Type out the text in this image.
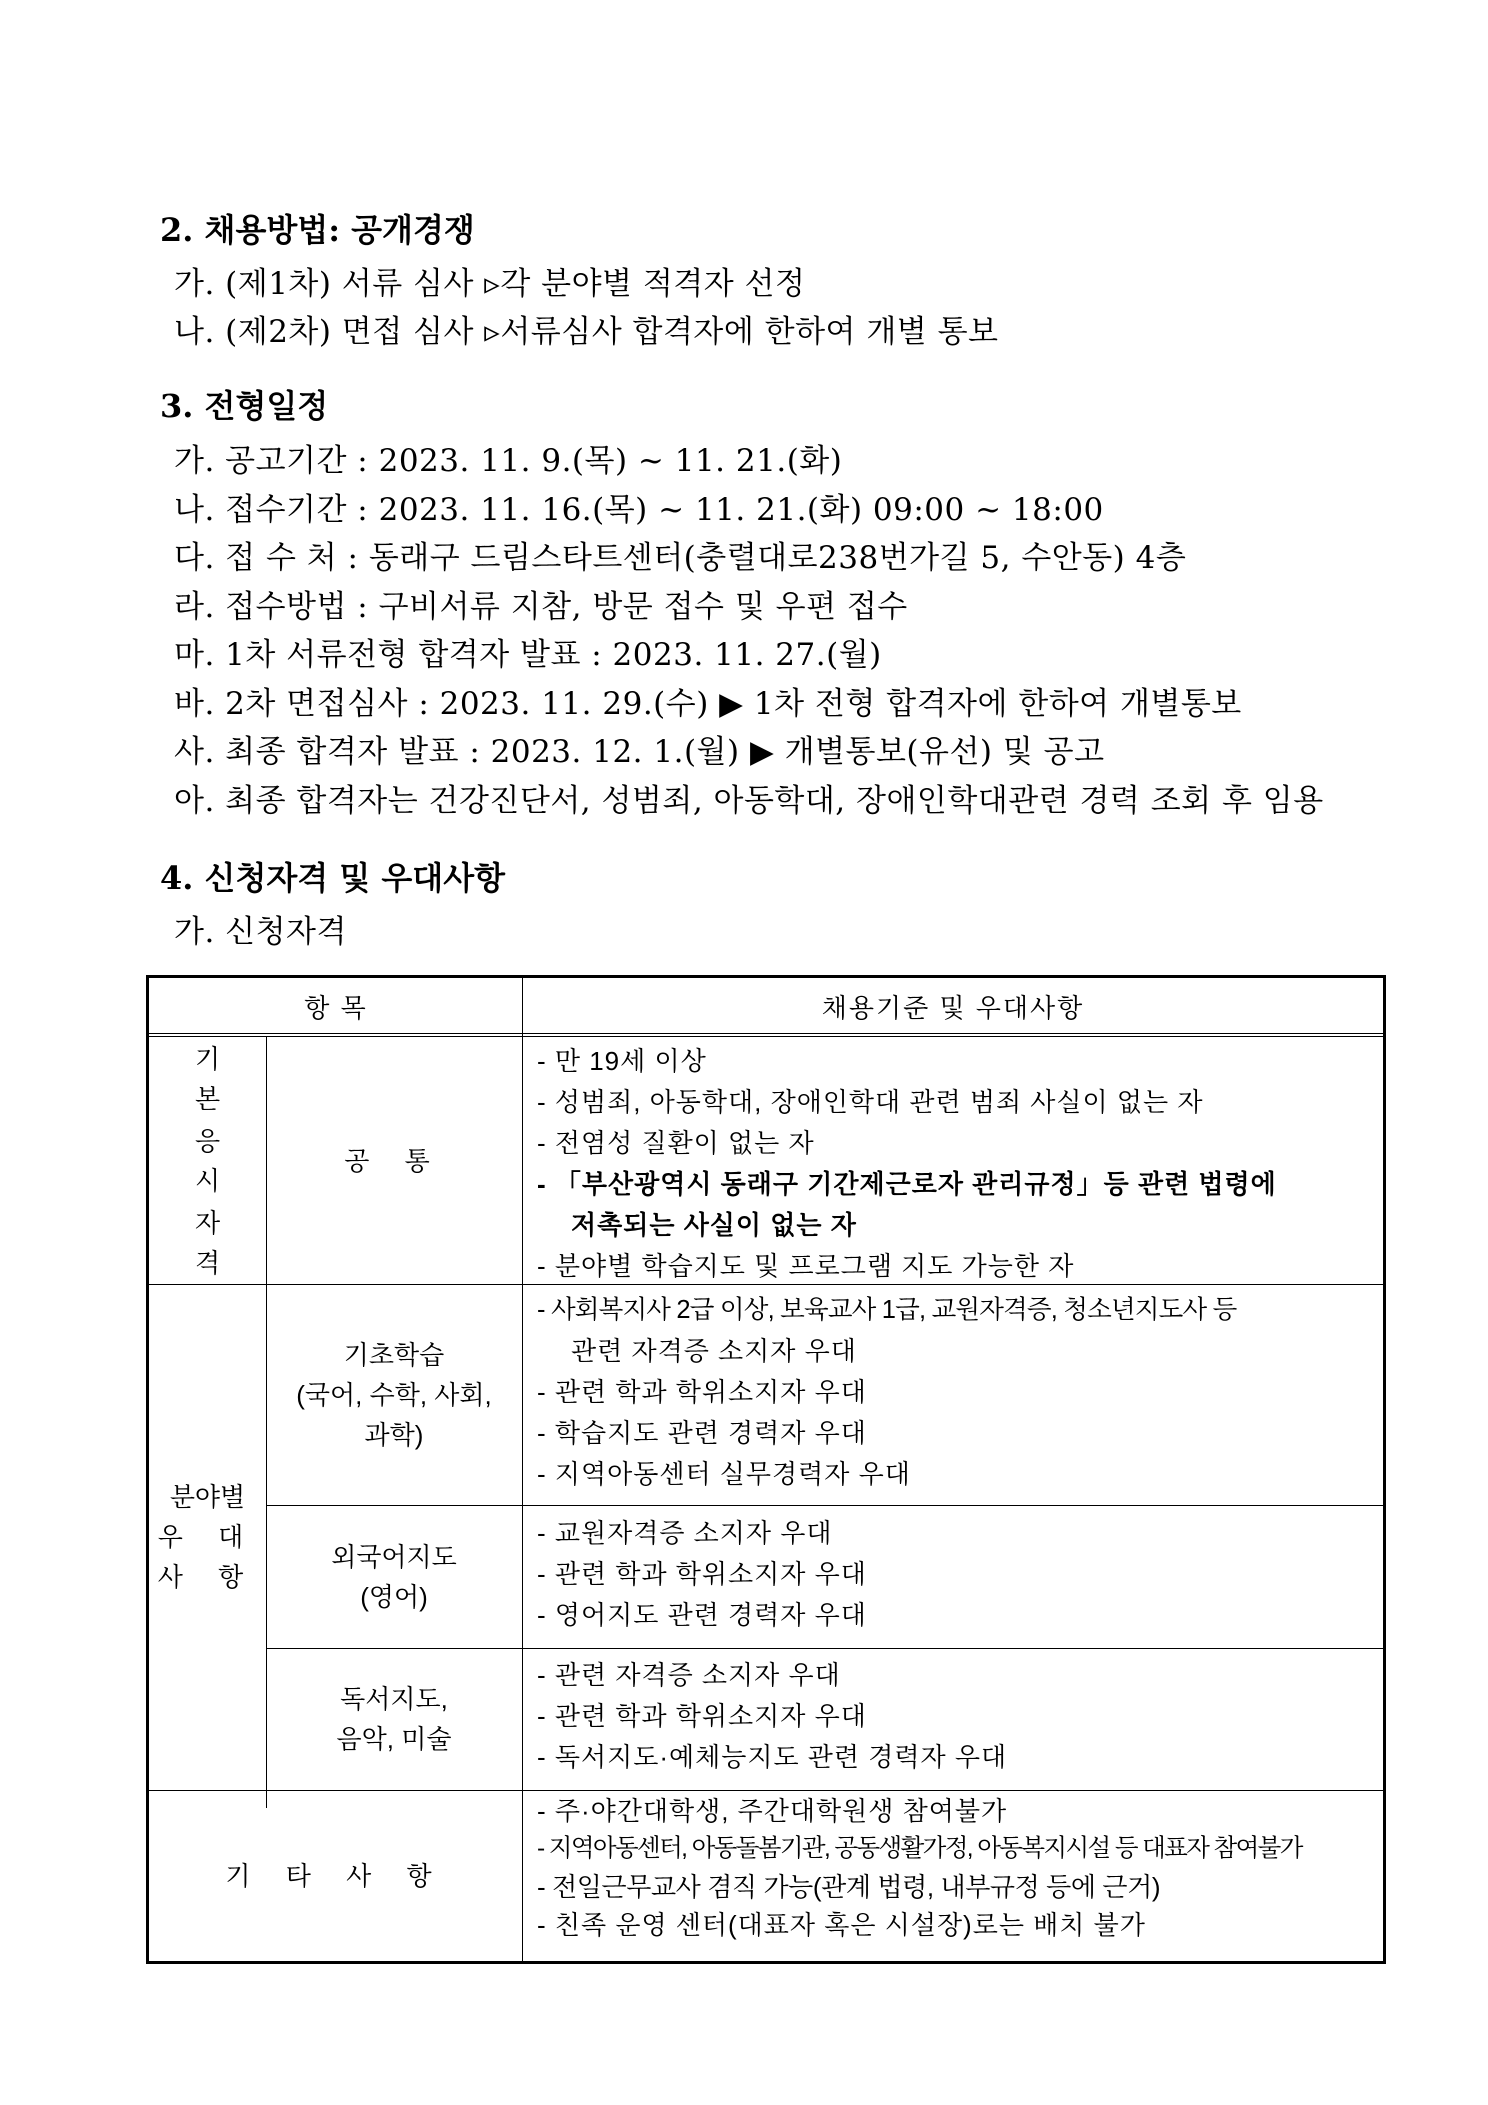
2. 채용방법: 공개경쟁
가. (제1차) 서류 심사 ▹각 분야별 적격자 선정
나. (제2차) 면접 심사 ▹서류심사 합격자에 한하여 개별 통보
3. 전형일정
가. 공고기간 : 2023. 11. 9.(목) ~ 11. 21.(화)
나. 접수기간 : 2023. 11. 16.(목) ~ 11. 21.(화) 09:00 ~ 18:00
다. 접 수 처 : 동래구 드림스타트센터(충렬대로238번가길 5, 수안동) 4층
라. 접수방법 : 구비서류 지참, 방문 접수 및 우편 접수
마. 1차 서류전형 합격자 발표 : 2023. 11. 27.(월)
바. 2차 면접심사 : 2023. 11. 29.(수) ▶ 1차 전형 합격자에 한하여 개별통보
사. 최종 합격자 발표 : 2023. 12. 1.(월) ▶ 개별통보(유선) 및 공고
아. 최종 합격자는 건강진단서, 성범죄, 아동학대, 장애인학대관련 경력 조회 후 임용
4. 신청자격 및 우대사항
가. 신청자격
항 목	채용기준 및 우대사항
기 본
응 시
자 격
공 통
- 만 19세 이상
- 성범죄, 아동학대, 장애인학대 관련 범죄 사실이 없는 자
- 전염성 질환이 없는 자
- 「부산광역시 동래구 기간제근로자 관리규정」등 관련 법령에
저촉되는 사실이 없는 자
- 분야별 학습지도 및 프로그램 지도 가능한 자
분야별
우 대
사 항
기초학습
(국어, 수학, 사회,
과학)
- 사회복지사 2급 이상, 보육교사 1급, 교원자격증, 청소년지도사 등
관련 자격증 소지자 우대
- 관련 학과 학위소지자 우대
- 학습지도 관련 경력자 우대
- 지역아동센터 실무경력자 우대
외국어지도
(영어)
- 교원자격증 소지자 우대
- 관련 학과 학위소지자 우대
- 영어지도 관련 경력자 우대
독서지도,
음악, 미술
- 관련 자격증 소지자 우대
- 관련 학과 학위소지자 우대
- 독서지도·예체능지도 관련 경력자 우대
기 타 사 항
- 주·야간대학생, 주간대학원생 참여불가
- 지역아동센터, 아동돌봄기관, 공동생활가정, 아동복지시설 등 대표자 참여불가
- 전일근무교사 겸직 가능(관계 법령, 내부규정 등에 근거)
- 친족 운영 센터(대표자 혹은 시설장)로는 배치 불가
